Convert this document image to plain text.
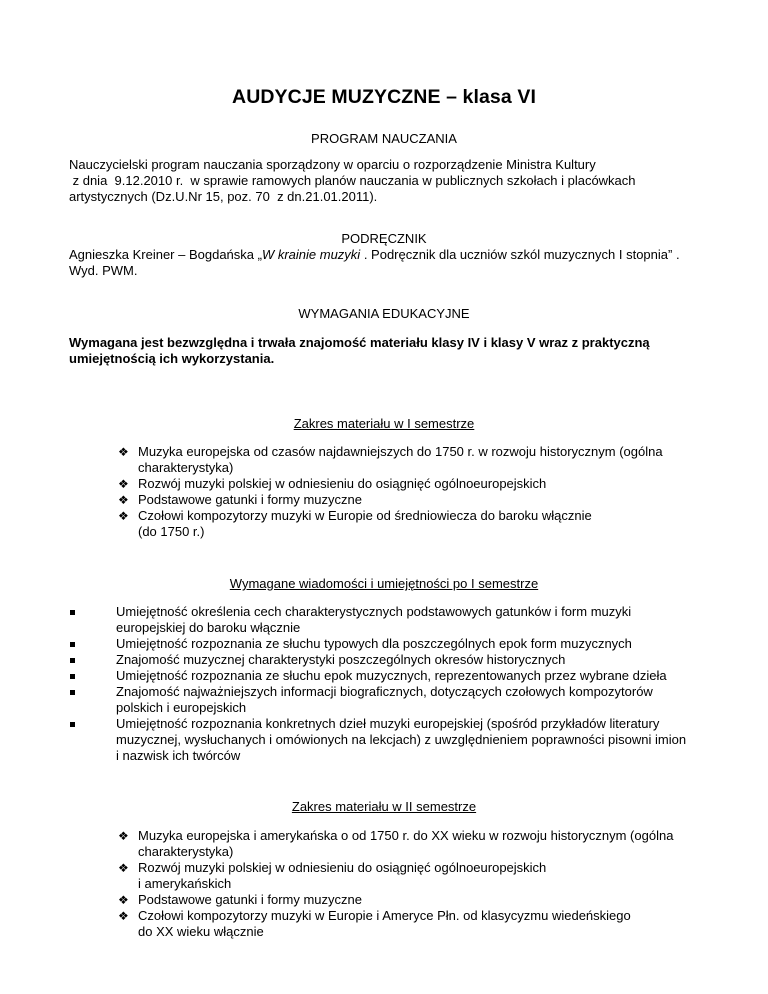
AUDYCJE MUZYCZNE – klasa VI
PROGRAM NAUCZANIA
Nauczycielski program nauczania sporządzony w oparciu o rozporządzenie Ministra Kultury
z dnia  9.12.2010 r.  w sprawie ramowych planów nauczania w publicznych szkołach i placówkach
artystycznych (Dz.U.Nr 15, poz. 70  z dn.21.01.2011).
PODRĘCZNIK
Agnieszka Kreiner – Bogdańska „W krainie muzyki . Podręcznik dla uczniów szkól muzycznych I stopnia” .
Wyd. PWM.
WYMAGANIA EDUKACYJNE
Wymagana jest bezwzględna i trwała znajomość materiału klasy IV i klasy V wraz z praktyczną
umiejętnością ich wykorzystania.
Zakres materiału w I semestrze
❖ Muzyka europejska od czasów najdawniejszych do 1750 r. w rozwoju historycznym (ogólna
charakterystyka)
❖ Rozwój muzyki polskiej w odniesieniu do osiągnięć ogólnoeuropejskich
❖ Podstawowe gatunki i formy muzyczne
❖ Czołowi kompozytorzy muzyki w Europie od średniowiecza do baroku włącznie
(do 1750 r.)
Wymagane wiadomości i umiejętności po I semestrze
Umiejętność określenia cech charakterystycznych podstawowych gatunków i form muzyki
europejskiej do baroku włącznie
Umiejętność rozpoznania ze słuchu typowych dla poszczególnych epok form muzycznych
Znajomość muzycznej charakterystyki poszczególnych okresów historycznych
Umiejętność rozpoznania ze słuchu epok muzycznych, reprezentowanych przez wybrane dzieła
Znajomość najważniejszych informacji biograficznych, dotyczących czołowych kompozytorów
polskich i europejskich
Umiejętność rozpoznania konkretnych dzieł muzyki europejskiej (spośród przykładów literatury
muzycznej, wysłuchanych i omówionych na lekcjach) z uwzględnieniem poprawności pisowni imion
i nazwisk ich twórców
Zakres materiału w II semestrze
❖ Muzyka europejska i amerykańska o od 1750 r. do XX wieku w rozwoju historycznym (ogólna
charakterystyka)
❖ Rozwój muzyki polskiej w odniesieniu do osiągnięć ogólnoeuropejskich
i amerykańskich
❖ Podstawowe gatunki i formy muzyczne
❖ Czołowi kompozytorzy muzyki w Europie i Ameryce Płn. od klasycyzmu wiedeńskiego
do XX wieku włącznie
